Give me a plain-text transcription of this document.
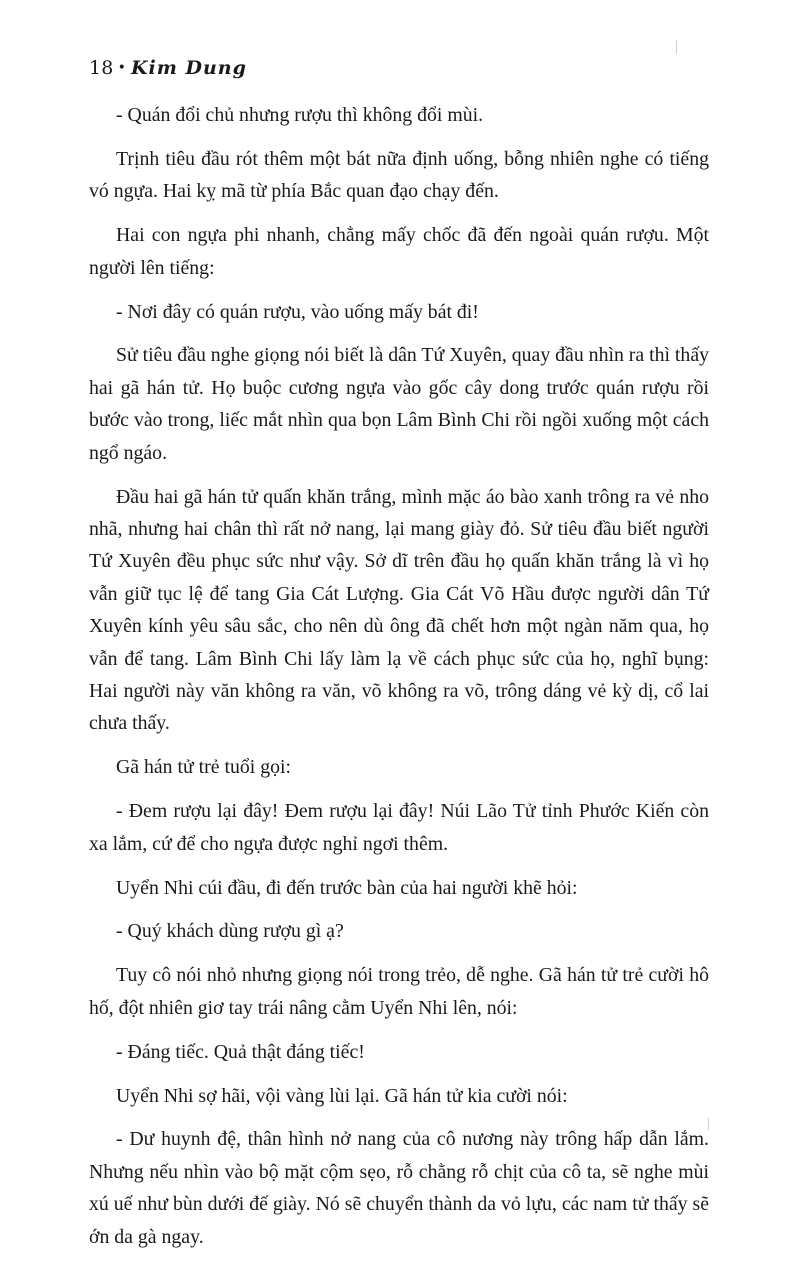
18 • Kim Dung

- Quán đổi chủ nhưng rượu thì không đổi mùi.

Trịnh tiêu đầu rót thêm một bát nữa định uống, bỗng nhiên nghe có tiếng vó ngựa. Hai kỵ mã từ phía Bắc quan đạo chạy đến.

Hai con ngựa phi nhanh, chẳng mấy chốc đã đến ngoài quán rượu. Một người lên tiếng:

- Nơi đây có quán rượu, vào uống mấy bát đi!

Sử tiêu đầu nghe giọng nói biết là dân Tứ Xuyên, quay đầu nhìn ra thì thấy hai gã hán tử. Họ buộc cương ngựa vào gốc cây dong trước quán rượu rồi bước vào trong, liếc mắt nhìn qua bọn Lâm Bình Chi rồi ngồi xuống một cách ngổ ngáo.

Đầu hai gã hán tử quấn khăn trắng, mình mặc áo bào xanh trông ra vẻ nho nhã, nhưng hai chân thì rất nở nang, lại mang giày đỏ. Sử tiêu đầu biết người Tứ Xuyên đều phục sức như vậy. Sở dĩ trên đầu họ quấn khăn trắng là vì họ vẫn giữ tục lệ để tang Gia Cát Lượng. Gia Cát Võ Hầu được người dân Tứ Xuyên kính yêu sâu sắc, cho nên dù ông đã chết hơn một ngàn năm qua, họ vẫn để tang. Lâm Bình Chi lấy làm lạ về cách phục sức của họ, nghĩ bụng: Hai người này văn không ra văn, võ không ra võ, trông dáng vẻ kỳ dị, cổ lai chưa thấy.

Gã hán tử trẻ tuổi gọi:

- Đem rượu lại đây! Đem rượu lại đây! Núi Lão Tử tỉnh Phước Kiến còn xa lắm, cứ để cho ngựa được nghỉ ngơi thêm.

Uyển Nhi cúi đầu, đi đến trước bàn của hai người khẽ hỏi:

- Quý khách dùng rượu gì ạ?

Tuy cô nói nhỏ nhưng giọng nói trong trẻo, dễ nghe. Gã hán tử trẻ cười hô hố, đột nhiên giơ tay trái nâng cằm Uyển Nhi lên, nói:

- Đáng tiếc. Quả thật đáng tiếc!

Uyển Nhi sợ hãi, vội vàng lùi lại. Gã hán tử kia cười nói:

- Dư huynh đệ, thân hình nở nang của cô nương này trông hấp dẫn lắm. Nhưng nếu nhìn vào bộ mặt cộm sẹo, rỗ chằng rỗ chịt của cô ta, sẽ nghe mùi xú uế như bùn dưới đế giày. Nó sẽ chuyển thành da vỏ lựu, các nam tử thấy sẽ ớn da gà ngay.
